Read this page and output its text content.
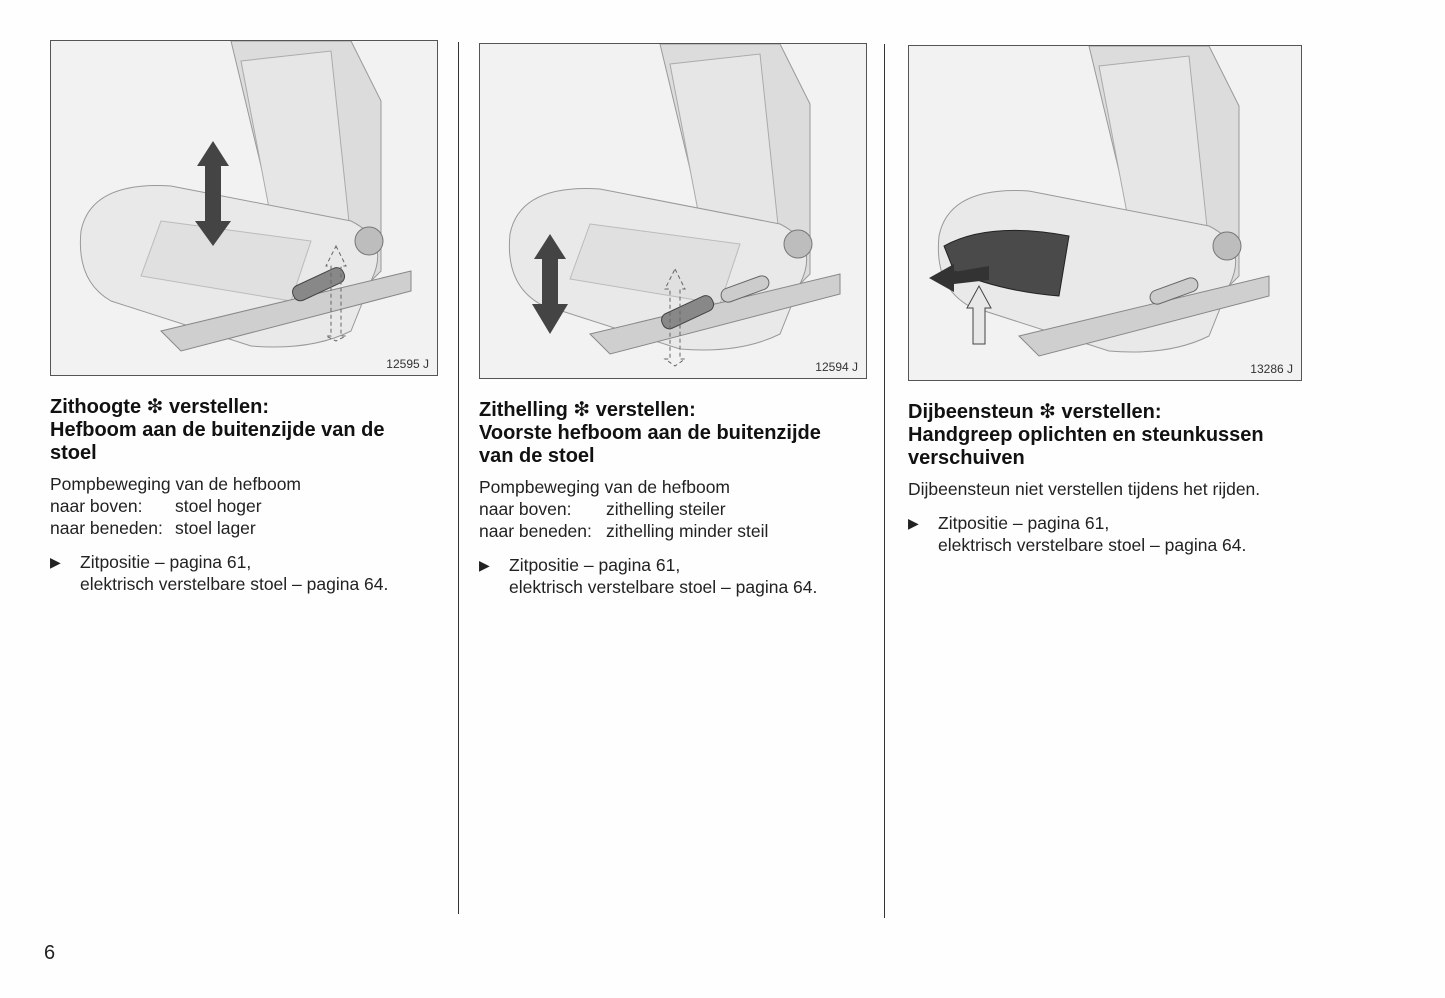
12595 J
Zithoogte ❇ verstellen:
Hefboom aan de buitenzijde van de
stoel
Pompbeweging van de hefboom
naar boven:	stoel hoger
naar beneden: stoel lager
▶	Zitpositie – pagina 61,
elektrisch verstelbare stoel – pagina 64.
12594 J
Zithelling ❇ verstellen:
Voorste hefboom aan de buitenzijde
van de stoel
Pompbeweging van de hefboom
naar boven:	zithelling steiler
naar beneden: zithelling minder steil
▶	Zitpositie – pagina 61,
elektrisch verstelbare stoel – pagina 64.
13286 J
Dijbeensteun ❇ verstellen:
Handgreep oplichten en steunkussen
verschuiven
Dijbeensteun niet verstellen tijdens het rijden.
▶	Zitpositie – pagina 61,
elektrisch verstelbare stoel – pagina 64.
6
